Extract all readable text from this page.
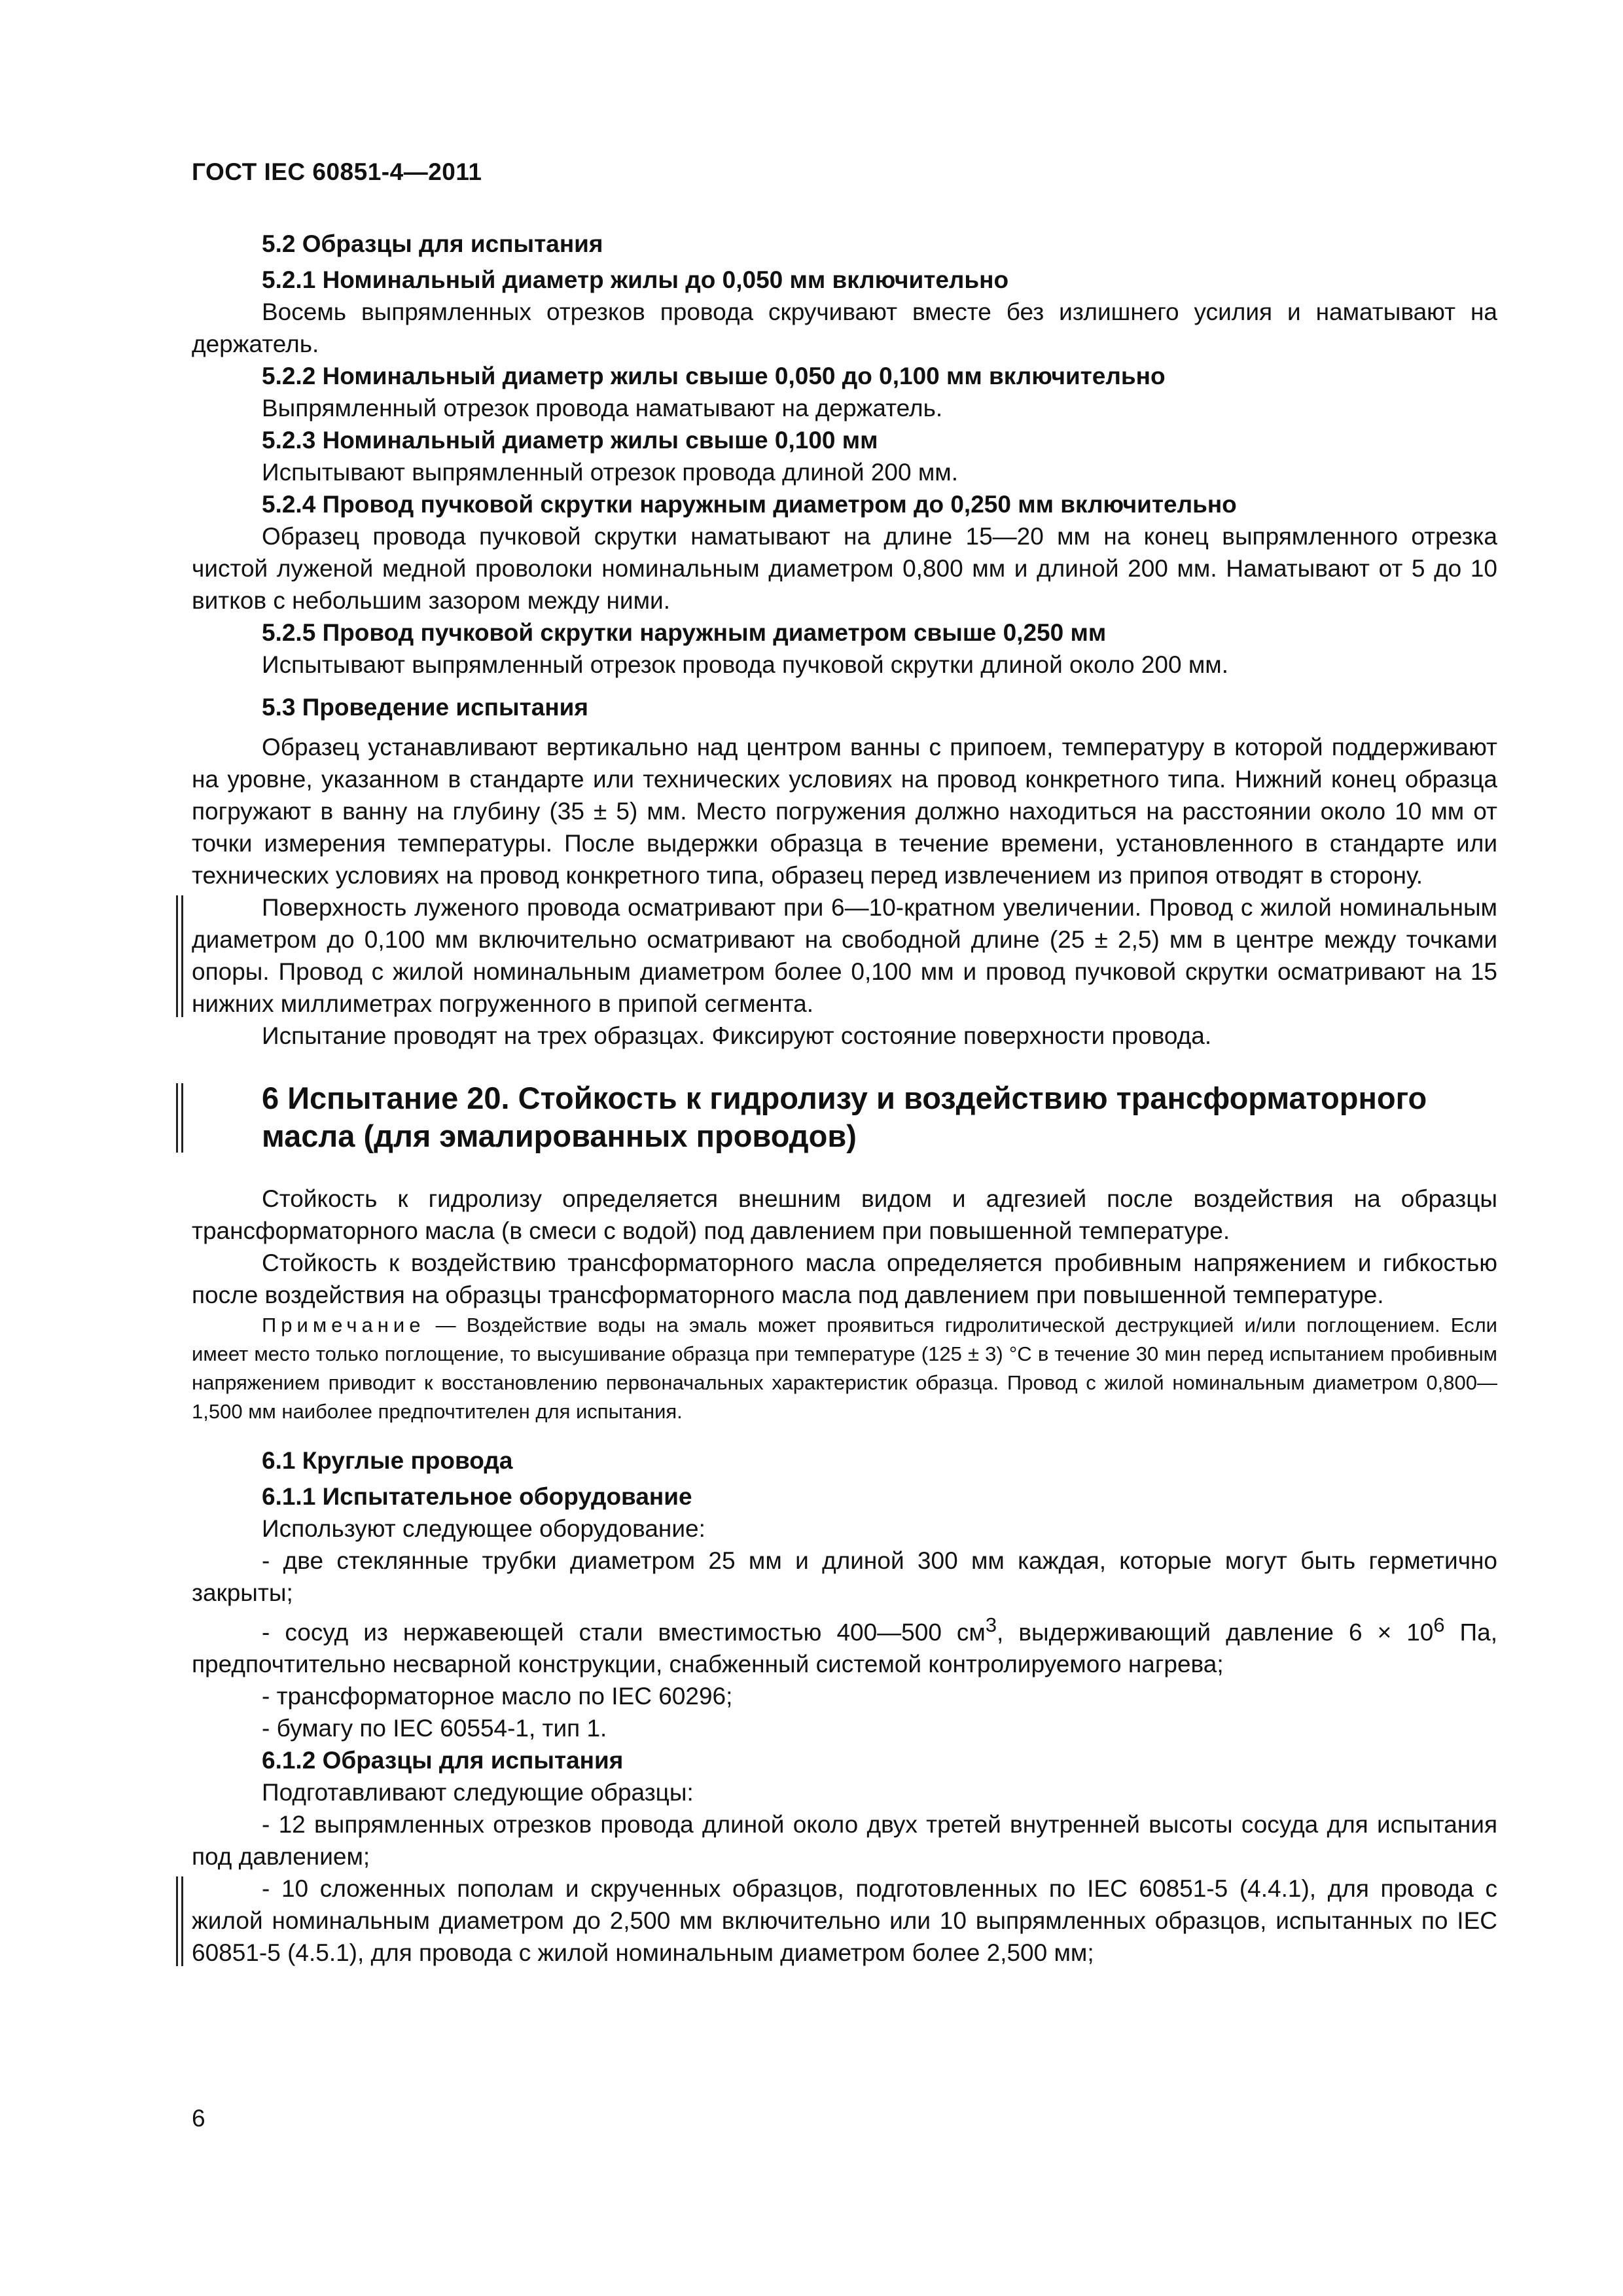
ГОСТ IEC 60851-4—2011

5.2 Образцы для испытания

5.2.1 Номинальный диаметр жилы до 0,050 мм включительно

Восемь выпрямленных отрезков провода скручивают вместе без излишнего усилия и наматывают на держатель.

5.2.2 Номинальный диаметр жилы свыше 0,050 до 0,100 мм включительно

Выпрямленный отрезок провода наматывают на держатель.

5.2.3 Номинальный диаметр жилы свыше 0,100 мм

Испытывают выпрямленный отрезок провода длиной 200 мм.

5.2.4 Провод пучковой скрутки наружным диаметром до 0,250 мм включительно

Образец провода пучковой скрутки наматывают на длине 15—20 мм на конец выпрямленного отрезка чистой луженой медной проволоки номинальным диаметром 0,800 мм и длиной 200 мм. Наматывают от 5 до 10 витков с небольшим зазором между ними.

5.2.5 Провод пучковой скрутки наружным диаметром свыше 0,250 мм

Испытывают выпрямленный отрезок провода пучковой скрутки длиной около 200 мм.

5.3 Проведение испытания

Образец устанавливают вертикально над центром ванны с припоем, температуру в которой поддерживают на уровне, указанном в стандарте или технических условиях на провод конкретного типа. Нижний конец образца погружают в ванну на глубину (35 ± 5) мм. Место погружения должно находиться на расстоянии около 10 мм от точки измерения температуры. После выдержки образца в течение времени, установленного в стандарте или технических условиях на провод конкретного типа, образец перед извлечением из припоя отводят в сторону.

Поверхность луженого провода осматривают при 6—10-кратном увеличении. Провод с жилой номинальным диаметром до 0,100 мм включительно осматривают на свободной длине (25 ± 2,5) мм в центре между точками опоры. Провод с жилой номинальным диаметром более 0,100 мм и провод пучковой скрутки осматривают на 15 нижних миллиметрах погруженного в припой сегмента.

Испытание проводят на трех образцах. Фиксируют состояние поверхности провода.

6 Испытание 20. Стойкость к гидролизу и воздействию трансформаторного масла (для эмалированных проводов)

Стойкость к гидролизу определяется внешним видом и адгезией после воздействия на образцы трансформаторного масла (в смеси с водой) под давлением при повышенной температуре.

Стойкость к воздействию трансформаторного масла определяется пробивным напряжением и гибкостью после воздействия на образцы трансформаторного масла под давлением при повышенной температуре.

Примечание — Воздействие воды на эмаль может проявиться гидролитической деструкцией и/или поглощением. Если имеет место только поглощение, то высушивание образца при температуре (125 ± 3) °С в течение 30 мин перед испытанием пробивным напряжением приводит к восстановлению первоначальных характеристик образца. Провод с жилой номинальным диаметром 0,800—1,500 мм наиболее предпочтителен для испытания.

6.1 Круглые провода

6.1.1 Испытательное оборудование

Используют следующее оборудование:

- две стеклянные трубки диаметром 25 мм и длиной 300 мм каждая, которые могут быть герметично закрыты;

- сосуд из нержавеющей стали вместимостью 400—500 $см^3$, выдерживающий давление $6 \times 10^6$ Па, предпочтительно несварной конструкции, снабженный системой контролируемого нагрева;

- трансформаторное масло по IEC 60296;

- бумагу по IEC 60554-1, тип 1.

6.1.2 Образцы для испытания

Подготавливают следующие образцы:

- 12 выпрямленных отрезков провода длиной около двух третей внутренней высоты сосуда для испытания под давлением;

- 10 сложенных пополам и скрученных образцов, подготовленных по IEC 60851-5 (4.4.1), для провода с жилой номинальным диаметром до 2,500 мм включительно или 10 выпрямленных образцов, испытанных по IEC 60851-5 (4.5.1), для провода с жилой номинальным диаметром более 2,500 мм;

6
